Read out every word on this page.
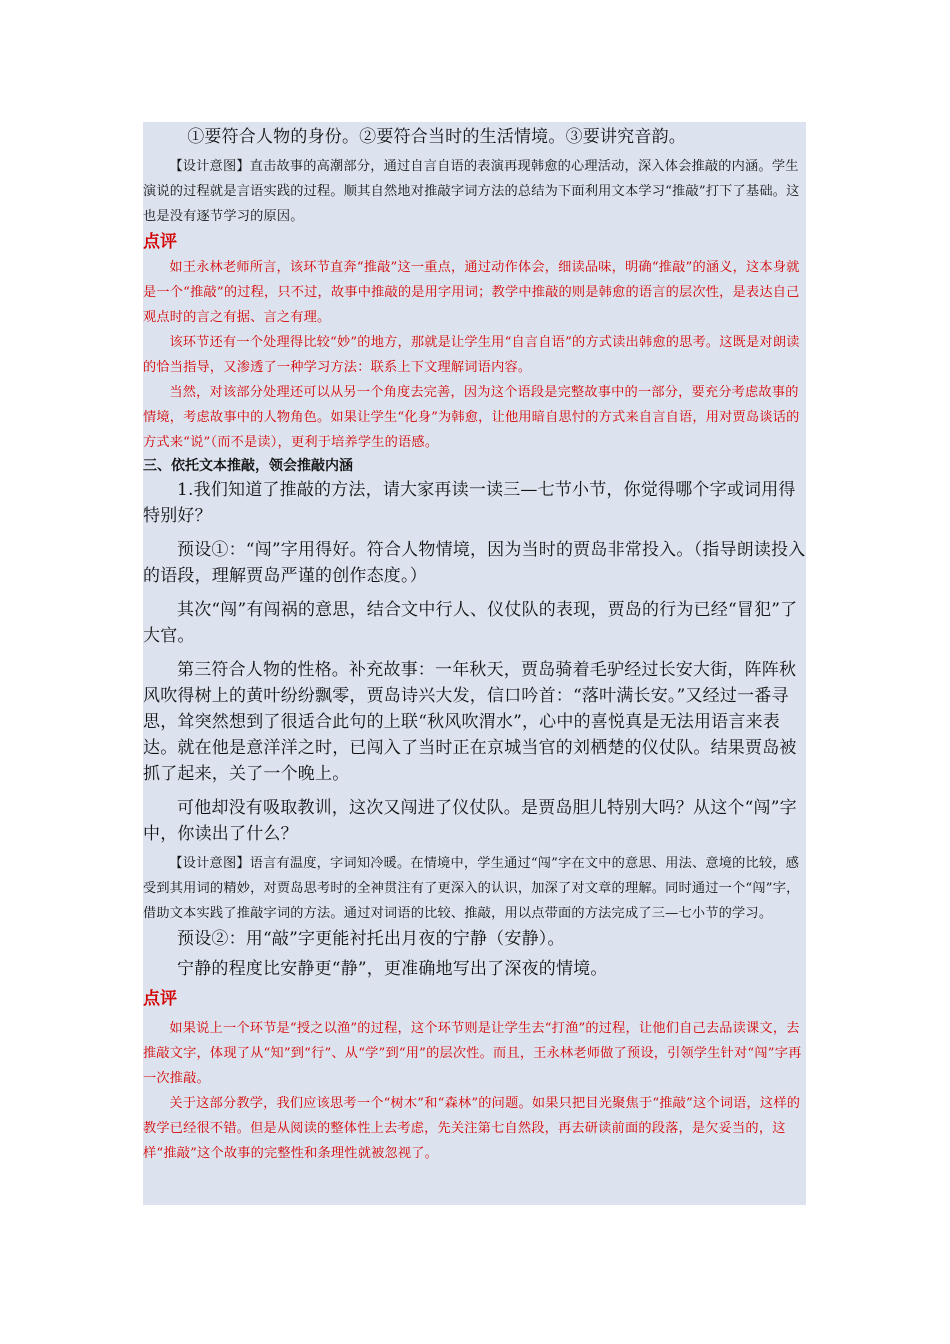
①要符合人物的身份。②要符合当时的生活情境。③要讲究音韵。

【设计意图】直击故事的高潮部分，通过自言自语的表演再现韩愈的心理活动，深入体会推敲的内涵。学生演说的过程就是言语实践的过程。顺其自然地对推敲字词方法的总结为下面利用文本学习“推敲”打下了基础。这也是没有逐节学习的原因。

点评

如王永林老师所言，该环节直奔“推敲”这一重点，通过动作体会，细读品味，明确“推敲”的涵义，这本身就是一个“推敲”的过程，只不过，故事中推敲的是用字用词；教学中推敲的则是韩愈的语言的层次性，是表达自己观点时的言之有据、言之有理。

该环节还有一个处理得比较“妙”的地方，那就是让学生用“自言自语”的方式读出韩愈的思考。这既是对朗读的恰当指导，又渗透了一种学习方法：联系上下文理解词语内容。

当然，对该部分处理还可以从另一个角度去完善，因为这个语段是完整故事中的一部分，要充分考虑故事的情境，考虑故事中的人物角色。如果让学生“化身”为韩愈，让他用暗自思忖的方式来自言自语，用对贾岛谈话的方式来“说”（而不是读），更利于培养学生的语感。

三、依托文本推敲，领会推敲内涵

1.我们知道了推敲的方法，请大家再读一读三—七节小节，你觉得哪个字或词用得特别好？

预设①：“闯”字用得好。符合人物情境，因为当时的贾岛非常投入。（指导朗读投入的语段，理解贾岛严谨的创作态度。）

其次“闯”有闯祸的意思，结合文中行人、仪仗队的表现，贾岛的行为已经“冒犯”了大官。

第三符合人物的性格。补充故事：一年秋天，贾岛骑着毛驴经过长安大街，阵阵秋风吹得树上的黄叶纷纷飘零，贾岛诗兴大发，信口吟首：“落叶满长安。”又经过一番寻思，耸突然想到了很适合此句的上联“秋风吹渭水”，心中的喜悦真是无法用语言来表达。就在他是意洋洋之时，已闯入了当时正在京城当官的刘栖楚的仪仗队。结果贾岛被抓了起来，关了一个晚上。

可他却没有吸取教训，这次又闯进了仪仗队。是贾岛胆儿特别大吗？从这个“闯”字中，你读出了什么？

【设计意图】语言有温度，字词知冷暖。在情境中，学生通过“闯”字在文中的意思、用法、意境的比较，感受到其用词的精妙，对贾岛思考时的全神贯注有了更深入的认识，加深了对文章的理解。同时通过一个“闯”字，借助文本实践了推敲字词的方法。通过对词语的比较、推敲，用以点带面的方法完成了三—七小节的学习。

预设②：用“敲”字更能衬托出月夜的宁静（安静）。

宁静的程度比安静更“静”，更准确地写出了深夜的情境。

点评

如果说上一个环节是“授之以渔”的过程，这个环节则是让学生去“打渔”的过程，让他们自己去品读课文，去推敲文字，体现了从“知”到“行”、从“学”到“用”的层次性。而且，王永林老师做了预设，引领学生针对“闯”字再一次推敲。

关于这部分教学，我们应该思考一个“树木”和“森林”的问题。如果只把目光聚焦于“推敲”这个词语，这样的教学已经很不错。但是从阅读的整体性上去考虑，先关注第七自然段，再去研读前面的段落，是欠妥当的，这样“推敲”这个故事的完整性和条理性就被忽视了。
